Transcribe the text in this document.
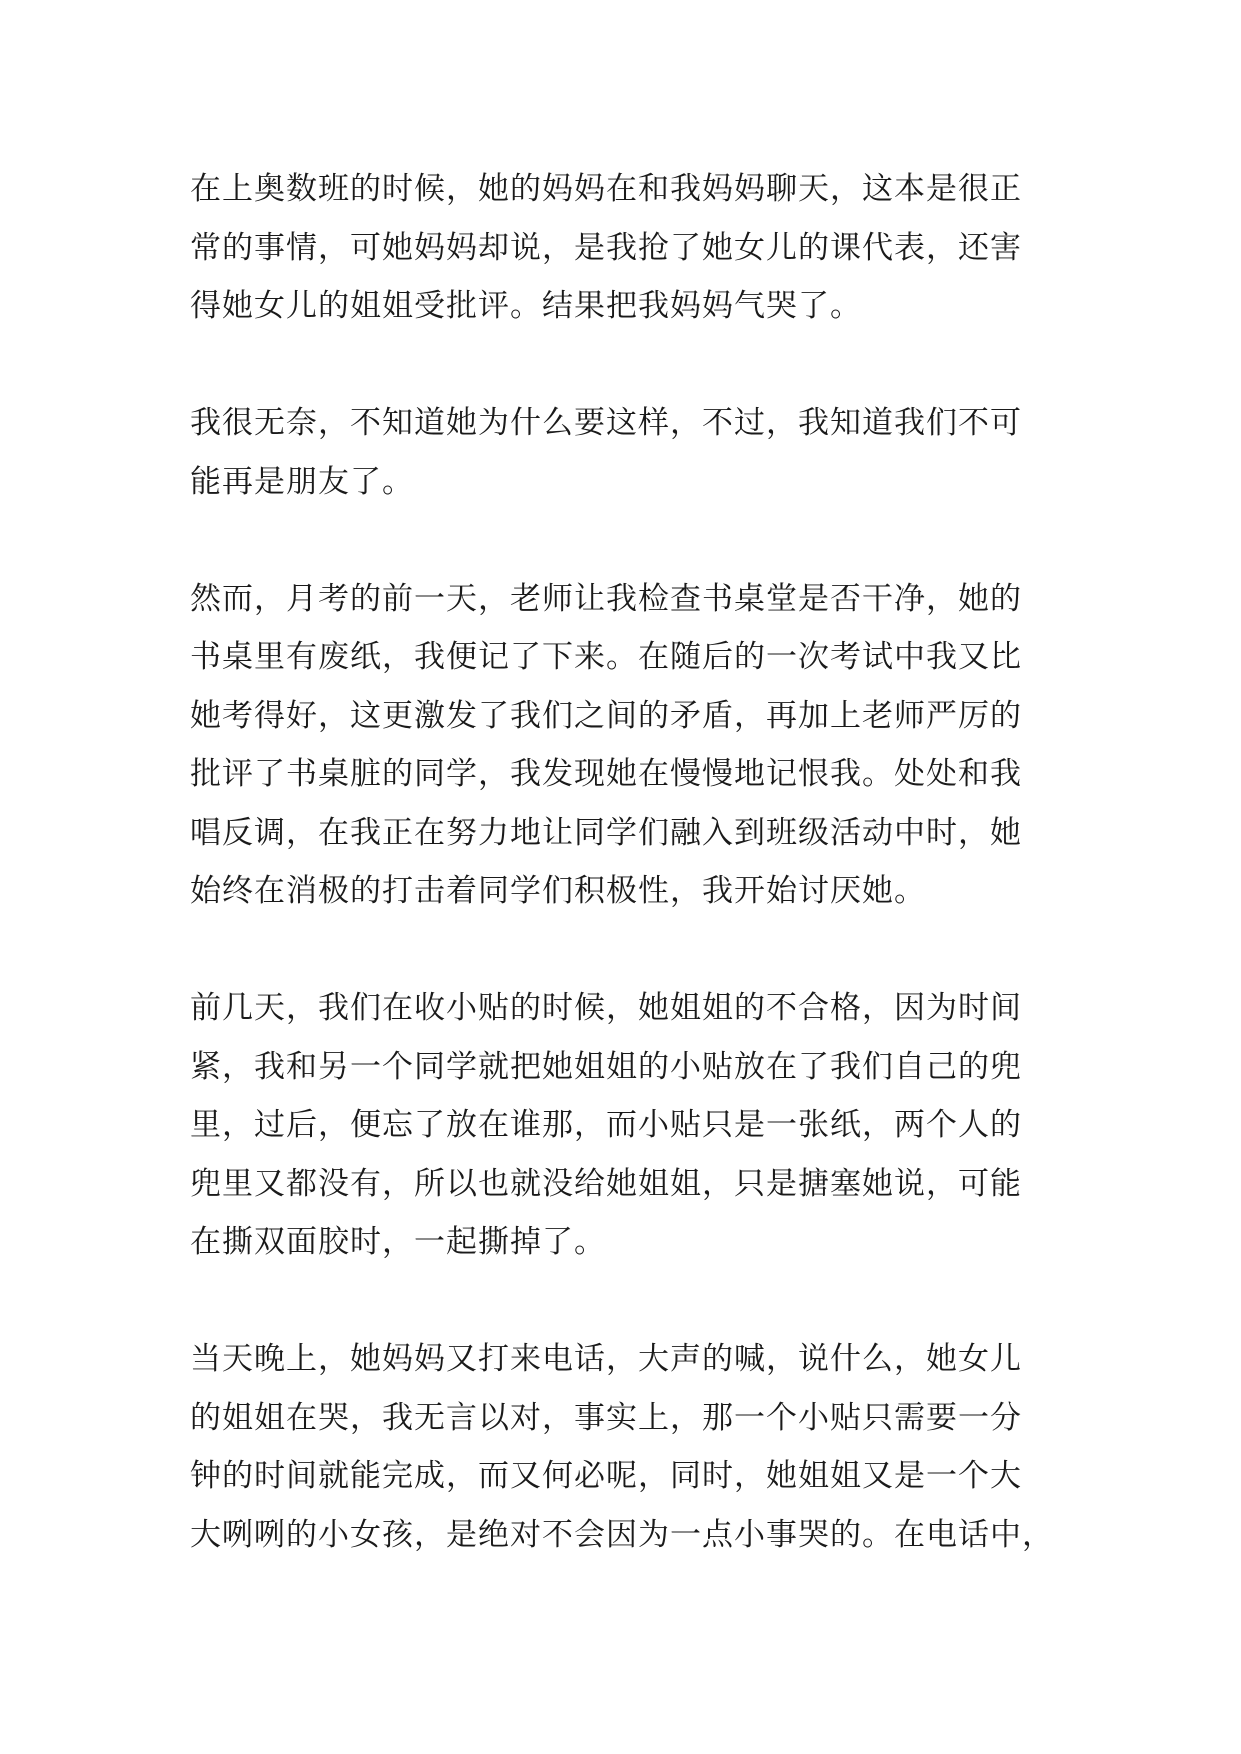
在上奥数班的时候，她的妈妈在和我妈妈聊天，这本是很正
常的事情，可她妈妈却说，是我抢了她女儿的课代表，还害
得她女儿的姐姐受批评。结果把我妈妈气哭了。

我很无奈，不知道她为什么要这样，不过，我知道我们不可
能再是朋友了。

然而，月考的前一天，老师让我检查书桌堂是否干净，她的
书桌里有废纸，我便记了下来。在随后的一次考试中我又比
她考得好，这更激发了我们之间的矛盾，再加上老师严厉的
批评了书桌脏的同学，我发现她在慢慢地记恨我。处处和我
唱反调，在我正在努力地让同学们融入到班级活动中时，她
始终在消极的打击着同学们积极性，我开始讨厌她。

前几天，我们在收小贴的时候，她姐姐的不合格，因为时间
紧，我和另一个同学就把她姐姐的小贴放在了我们自己的兜
里，过后，便忘了放在谁那，而小贴只是一张纸，两个人的
兜里又都没有，所以也就没给她姐姐，只是搪塞她说，可能
在撕双面胶时，一起撕掉了。

当天晚上，她妈妈又打来电话，大声的喊，说什么，她女儿
的姐姐在哭，我无言以对，事实上，那一个小贴只需要一分
钟的时间就能完成，而又何必呢，同时，她姐姐又是一个大
大咧咧的小女孩，是绝对不会因为一点小事哭的。在电话中，
